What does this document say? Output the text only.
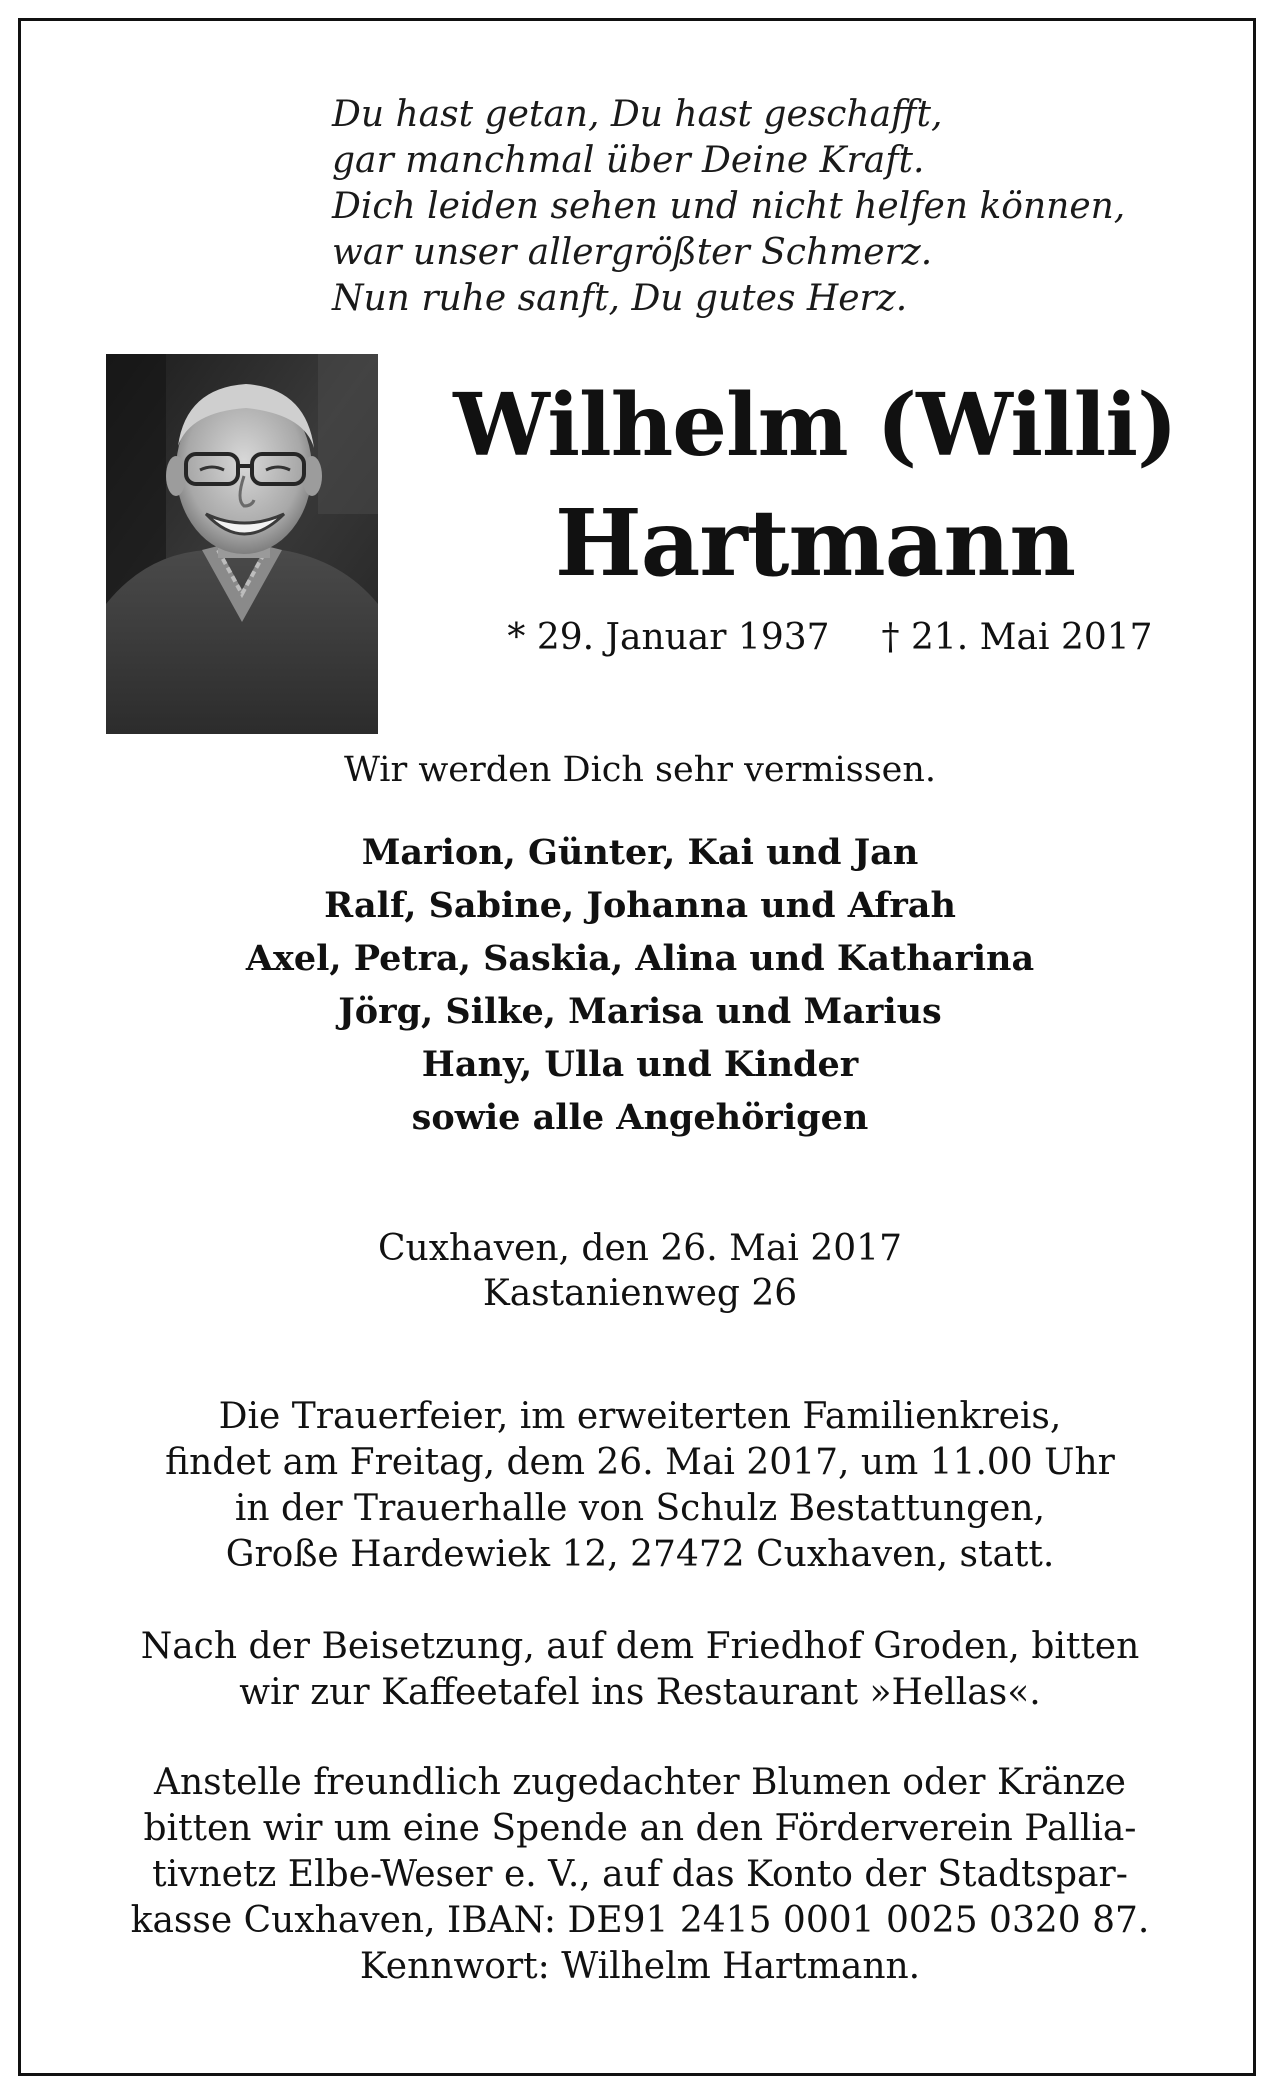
Du hast getan, Du hast geschafft,
gar manchmal über Deine Kraft.
Dich leiden sehen und nicht helfen können,
war unser allergrößter Schmerz.
Nun ruhe sanft, Du gutes Herz.
Wilhelm (Willi)
Hartmann
* 29. Januar 1937 † 21. Mai 2017
Wir werden Dich sehr vermissen.
Marion, Günter, Kai und Jan
Ralf, Sabine, Johanna und Afrah
Axel, Petra, Saskia, Alina und Katharina
Jörg, Silke, Marisa und Marius
Hany, Ulla und Kinder
sowie alle Angehörigen
Cuxhaven, den 26. Mai 2017
Kastanienweg 26
Die Trauerfeier, im erweiterten Familienkreis,
findet am Freitag, dem 26. Mai 2017, um 11.00 Uhr
in der Trauerhalle von Schulz Bestattungen,
Große Hardewiek 12, 27472 Cuxhaven, statt.
Nach der Beisetzung, auf dem Friedhof Groden, bitten
wir zur Kaffeetafel ins Restaurant »Hellas«.
Anstelle freundlich zugedachter Blumen oder Kränze
bitten wir um eine Spende an den Förderverein Pallia-
tivnetz Elbe-Weser e. V., auf das Konto der Stadtspar-
kasse Cuxhaven, IBAN: DE91 2415 0001 0025 0320 87.
Kennwort: Wilhelm Hartmann.
